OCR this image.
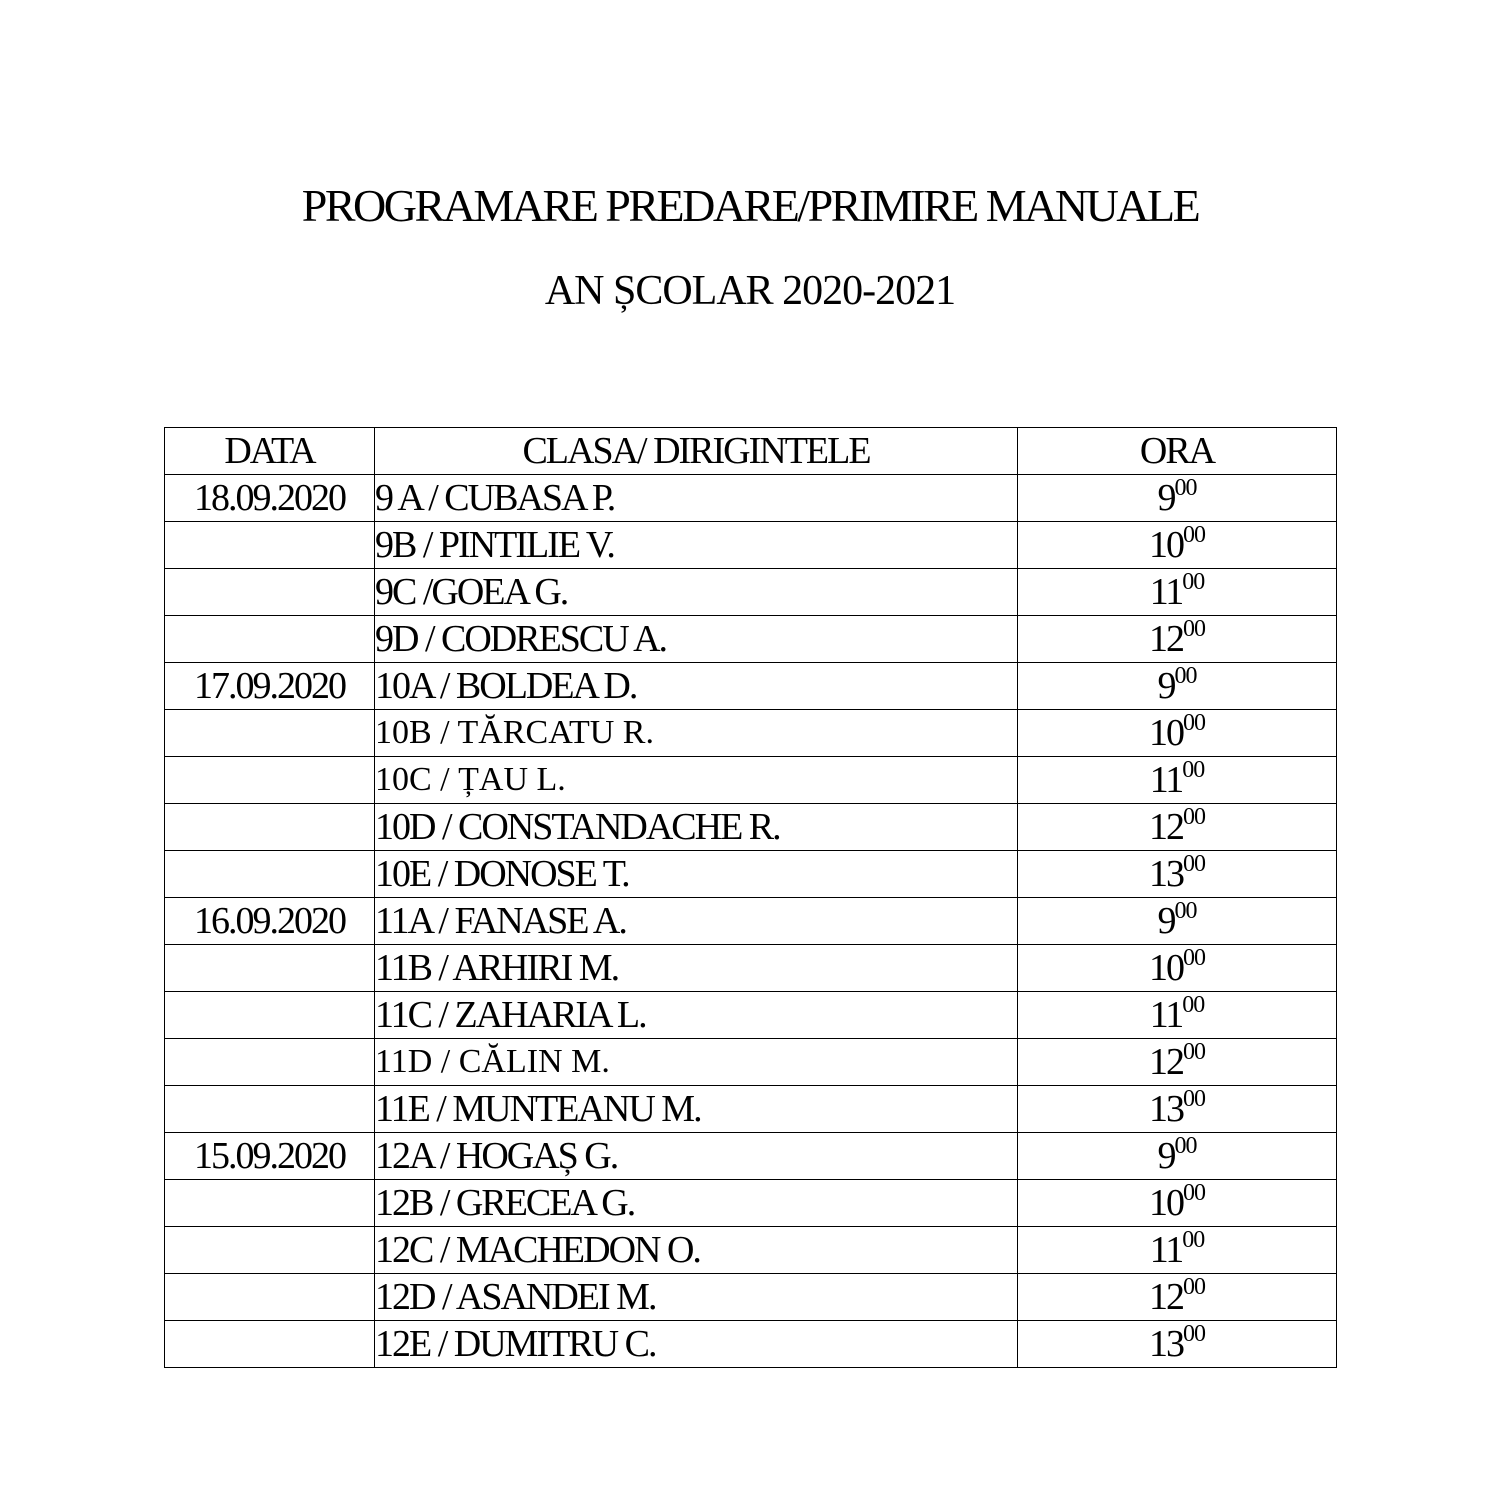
PROGRAMARE PREDARE/PRIMIRE MANUALE
AN ȘCOLAR 2020-2021
DATA	CLASA/ DIRIGINTELE	ORA
18.09.2020	9 A / CUBASA P.	$9^{00}$
	9B / PINTILIE V.	$10^{00}$
	9C /GOEA G.	$11^{00}$
	9D / CODRESCU A.	$12^{00}$
17.09.2020	10A / BOLDEA D.	$9^{00}$
	10B / TĂRCATU R.	$10^{00}$
	10C / ȚAU L.	$11^{00}$
	10D / CONSTANDACHE R.	$12^{00}$
	10E / DONOSE T.	$13^{00}$
16.09.2020	11A / FANASE A.	$9^{00}$
	11B / ARHIRI M.	$10^{00}$
	11C / ZAHARIA L.	$11^{00}$
	11D / CĂLIN M.	$12^{00}$
	11E / MUNTEANU M.	$13^{00}$
15.09.2020	12A / HOGAȘ G.	$9^{00}$
	12B / GRECEA G.	$10^{00}$
	12C / MACHEDON O.	$11^{00}$
	12D / ASANDEI M.	$12^{00}$
	12E / DUMITRU C.	$13^{00}$
